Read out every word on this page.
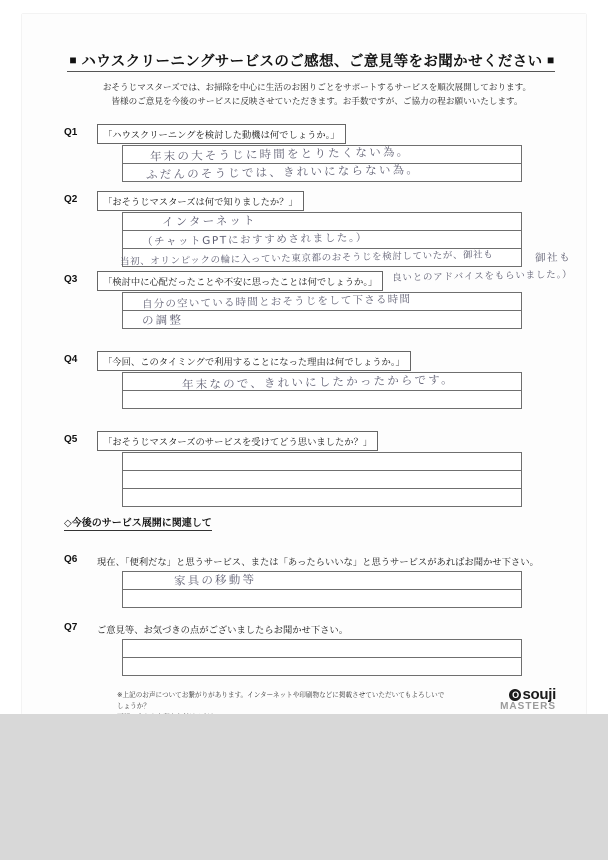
■ ハウスクリーニングサービスのご感想、ご意見等をお聞かせください ■
おそうじマスターズでは、お掃除を中心に生活のお困りごとをサポートするサービスを順次展開しております。
皆様のご意見を今後のサービスに反映させていただきます。お手数ですが、ご協力の程お願いいたします。
Q1	「ハウスクリーニングを検討した動機は何でしょうか。」
年末の大そうじに時間をとりたくない為。
ふだんのそうじでは、きれいにならない為。
Q2	「おそうじマスターズは何で知りましたか？」
インターネット
（チャットGPTにおすすめされました。）
当初、オリンピックの輪に入っていた東京都のおそうじを検討していたが、御社も	御社も
Q3	「検討中に心配だったことや不安に思ったことは何でしょうか。」	良いとのアドバイスをもらいました。）
自分の空いている時間とおそうじをして下さる時間
の調整
Q4	「今回、このタイミングで利用することになった理由は何でしょうか。」
年末なので、きれいにしたかったからです。
Q5	「おそうじマスターズのサービスを受けてどう思いましたか？」
◇今後のサービス展開に関連して
Q6 現在、「便利だな」と思うサービス、または「あったらいいな」と思うサービスがあればお聞かせ下さい。
家具の移動等
Q7 ご意見等、お気づきの点がございましたらお聞かせ下さい。
※上記のお声についてお繋がりがあります。インターネットや印刷物などに掲載させていただいてもよろしいでしょうか？
O souji
MASTERS
